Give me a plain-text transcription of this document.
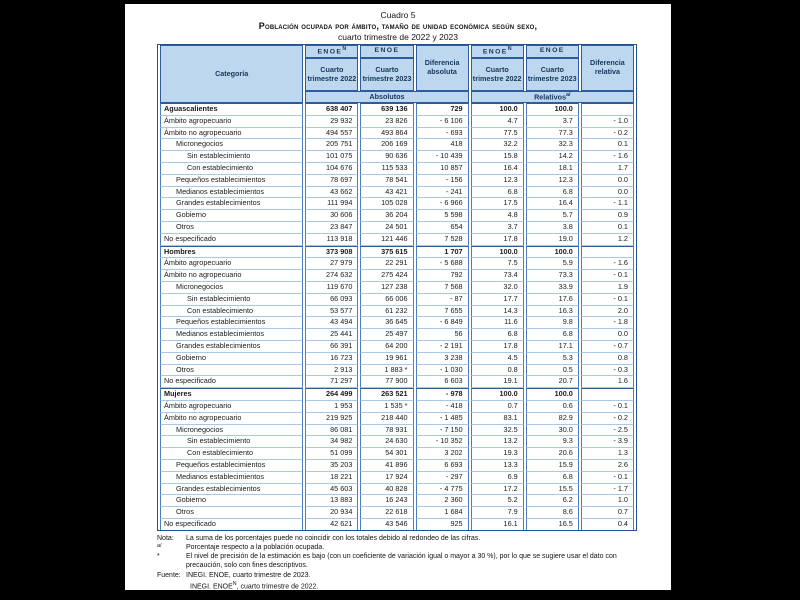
Cuadro 5
Población ocupada por ámbito, tamaño de unidad económica según sexo,
cuarto trimestre de 2022 y 2023
Categoría	$ENOE^N$	ENOE	Diferencia absoluta	$ENOE^N$	ENOE	Diferencia relativa
	Cuarto trimestre 2022	Cuarto trimestre 2023		Cuarto trimestre 2022	Cuarto trimestre 2023	
	Absolutos			Relativos$^{a/}$
Aguascalientes	638 407	639 136	729	100.0	100.0	
Ámbito agropecuario	29 932	23 826	- 6 106	4.7	3.7	- 1.0
Ámbito no agropecuario	494 557	493 864	- 693	77.5	77.3	- 0.2
Micronegocios	205 751	206 169	418	32.2	32.3	0.1
Sin establecimiento	101 075	90 636	- 10 439	15.8	14.2	- 1.6
Con establecimiento	104 676	115 533	10 857	16.4	18.1	1.7
Pequeños establecimientos	78 697	78 541	- 156	12.3	12.3	0.0
Medianos establecimientos	43 662	43 421	- 241	6.8	6.8	0.0
Grandes establecimientos	111 994	105 028	- 6 966	17.5	16.4	- 1.1
Gobierno	30 606	36 204	5 598	4.8	5.7	0.9
Otros	23 847	24 501	654	3.7	3.8	0.1
No especificado	113 918	121 446	7 528	17.8	19.0	1.2
Hombres	373 908	375 615	1 707	100.0	100.0	
Ámbito agropecuario	27 979	22 291	- 5 688	7.5	5.9	- 1.6
Ámbito no agropecuario	274 632	275 424	792	73.4	73.3	- 0.1
Micronegocios	119 670	127 238	7 568	32.0	33.9	1.9
Sin establecimiento	66 093	66 006	- 87	17.7	17.6	- 0.1
Con establecimiento	53 577	61 232	7 655	14.3	16.3	2.0
Pequeños establecimientos	43 494	36 645	- 6 849	11.6	9.8	- 1.8
Medianos establecimientos	25 441	25 497	56	6.8	6.8	0.0
Grandes establecimientos	66 391	64 200	- 2 191	17.8	17.1	- 0.7
Gobierno	16 723	19 961	3 238	4.5	5.3	0.8
Otros	2 913	1 883 *	- 1 030	0.8	0.5	- 0.3
No especificado	71 297	77 900	6 603	19.1	20.7	1.6
Mujeres	264 499	263 521	- 978	100.0	100.0	
Ámbito agropecuario	1 953	1 535 *	- 418	0.7	0.6	- 0.1
Ámbito no agropecuario	219 925	218 440	- 1 485	83.1	82.9	- 0.2
Micronegocios	86 081	78 931	- 7 150	32.5	30.0	- 2.5
Sin establecimiento	34 982	24 630	- 10 352	13.2	9.3	- 3.9
Con establecimiento	51 099	54 301	3 202	19.3	20.6	1.3
Pequeños establecimientos	35 203	41 896	6 693	13.3	15.9	2.6
Medianos establecimientos	18 221	17 924	- 297	6.9	6.8	- 0.1
Grandes establecimientos	45 603	40 828	- 4 775	17.2	15.5	- 1.7
Gobierno	13 883	16 243	2 360	5.2	6.2	1.0
Otros	20 934	22 618	1 684	7.9	8.6	0.7
No especificado	42 621	43 546	925	16.1	16.5	0.4
Nota:	La suma de los porcentajes puede no coincidir con los totales debido al redondeo de las cifras.
a/	Porcentaje respecto a la población ocupada.
*	El nivel de precisión de la estimación es bajo (con un coeficiente de variación igual o mayor a 30 %), por lo que se sugiere usar el dato con precaución, solo con fines descriptivos.
Fuente: INEGI. ENOE, cuarto trimestre de 2023.
INEGI. $ENOE^N$, cuarto trimestre de 2022.
